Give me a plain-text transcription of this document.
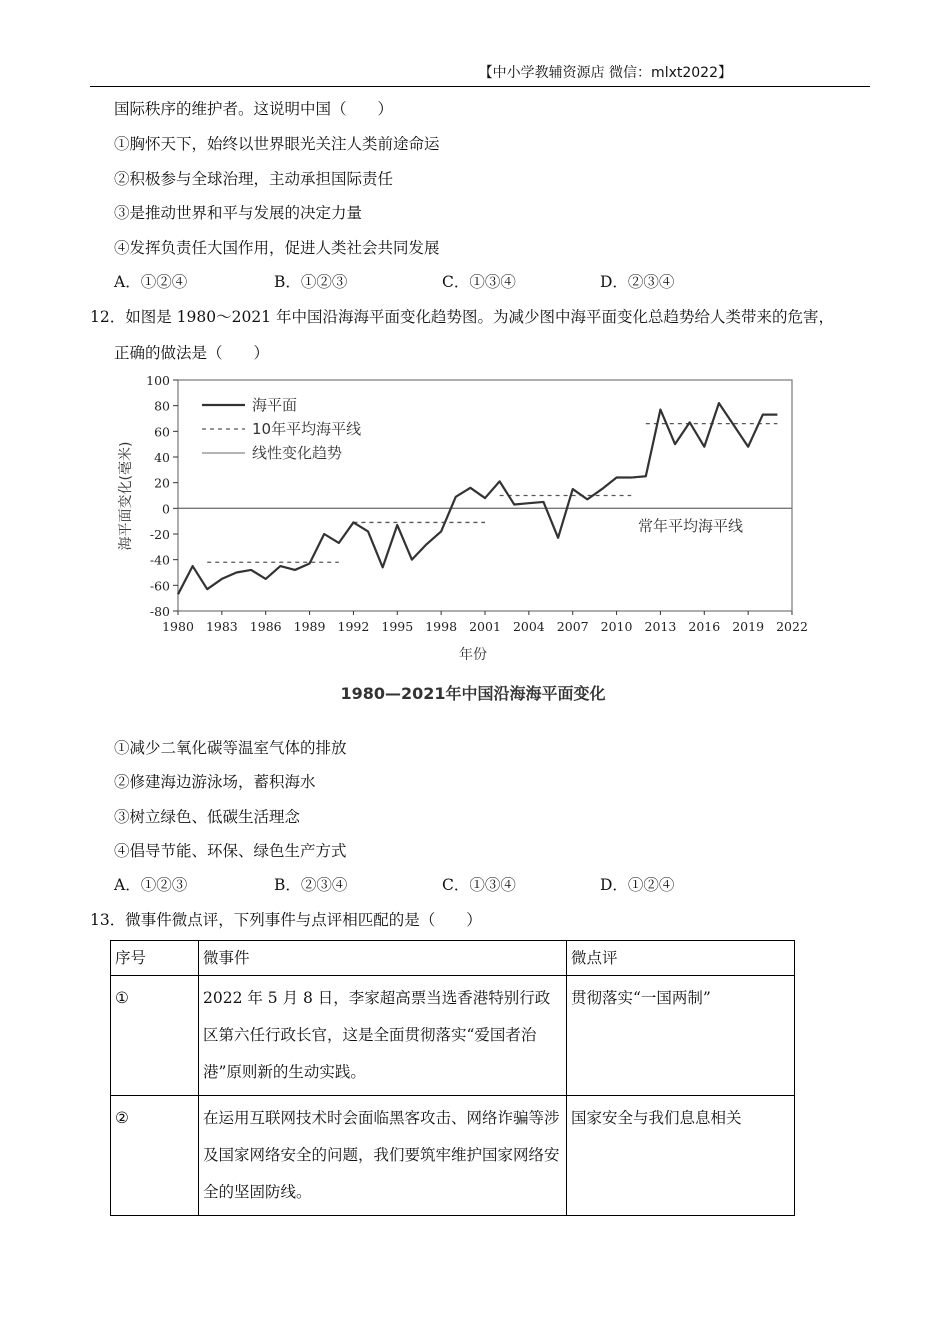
【中小学教辅资源店 微信：mlxt2022】
国际秩序的维护者。这说明中国（　　）
①胸怀天下，始终以世界眼光关注人类前途命运
②积极参与全球治理，主动承担国际责任
③是推动世界和平与发展的决定力量
④发挥负责任大国作用，促进人类社会共同发展
A．①②④	B．①②③	C．①③④	D．②③④
12．如图是 1980～2021 年中国沿海海平面变化趋势图。为减少图中海平面变化总趋势给人类带来的危害，
正确的做法是（　　）
-80
-60
-40
-20
0
20
40
60
80
100
1980 1983 1986 1989 1992 1995 1998 2001 2004 2007 2010 2013 2016 2019 2022
海平面
10年平均海平线
线性变化趋势
常年平均海平线
海平面变化(毫米)
年份
1980—2021年中国沿海海平面变化
①减少二氧化碳等温室气体的排放
②修建海边游泳场，蓄积海水
③树立绿色、低碳生活理念
④倡导节能、环保、绿色生产方式
A．①②③	B．②③④	C．①③④	D．①②④
13．微事件微点评，下列事件与点评相匹配的是（　　）
序号	微事件	微点评
①	2022 年 5 月 8 日，李家超高票当选香港特别行政区第六任行政长官，这是全面贯彻落实“爱国者治港”原则新的生动实践。	贯彻落实“一国两制”
②	在运用互联网技术时会面临黑客攻击、网络诈骗等涉及国家网络安全的问题，我们要筑牢维护国家网络安全的坚固防线。	国家安全与我们息息相关
